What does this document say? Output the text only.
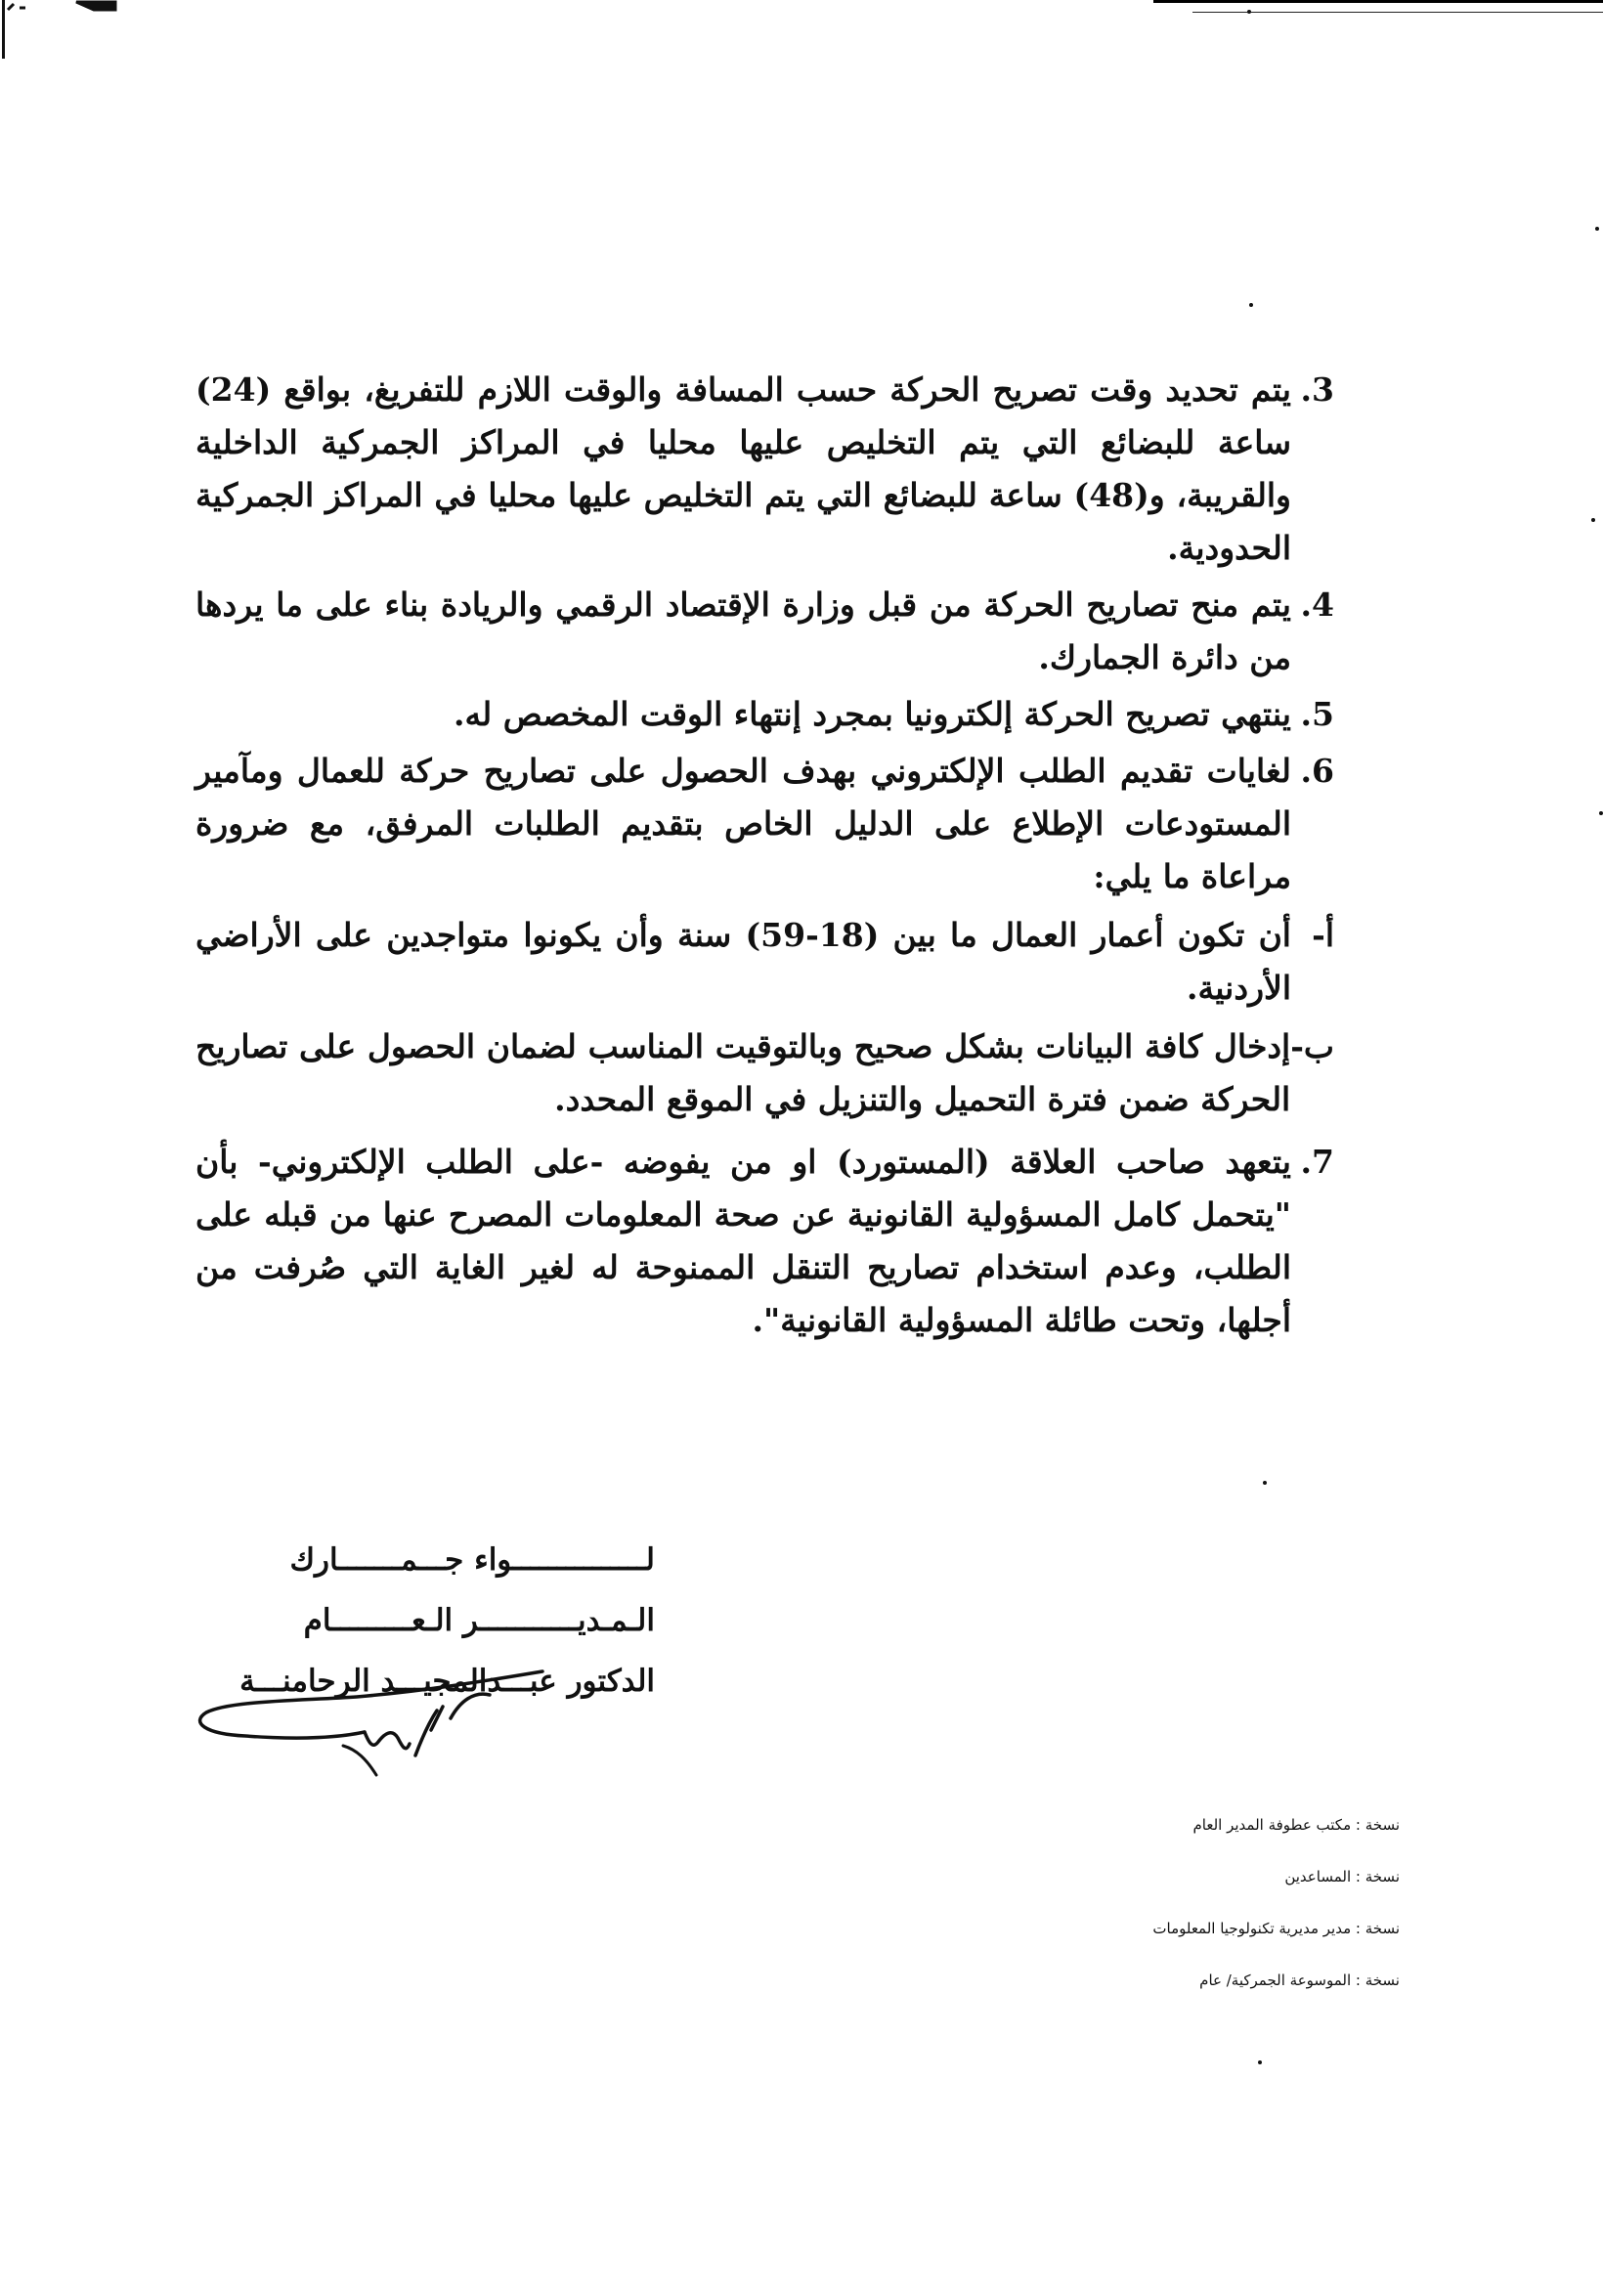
3.
يتم تحديد وقت تصريح الحركة حسب المسافة والوقت اللازم للتفريغ، بواقع (24) ساعة للبضائع التي يتم التخليص عليها محليا في المراكز الجمركية الداخلية والقريبة، و(48) ساعة للبضائع التي يتم التخليص عليها محليا في المراكز الجمركية الحدودية.
4.
يتم منح تصاريح الحركة من قبل وزارة الإقتصاد الرقمي والريادة بناء على ما يردها من دائرة الجمارك.
5.
ينتهي تصريح الحركة إلكترونيا بمجرد إنتهاء الوقت المخصص له.
6.
لغايات تقديم الطلب الإلكتروني بهدف الحصول على تصاريح حركة للعمال ومآمير المستودعات الإطلاع على الدليل الخاص بتقديم الطلبات المرفق، مع ضرورة مراعاة ما يلي:
أ-
أن تكون أعمار العمال ما بين (18-59) سنة وأن يكونوا متواجدين على الأراضي الأردنية.
ب-
إدخال كافة البيانات بشكل صحيح وبالتوقيت المناسب لضمان الحصول على تصاريح الحركة ضمن فترة التحميل والتنزيل في الموقع المحدد.
7.
يتعهد صاحب العلاقة (المستورد) او من يفوضه -على الطلب الإلكتروني- بأن "يتحمل كامل المسؤولية القانونية عن صحة المعلومات المصرح عنها من قبله على الطلب، وعدم استخدام تصاريح التنقل الممنوحة له لغير الغاية التي صُرفت من أجلها، وتحت طائلة المسؤولية القانونية".
لـــــــــــــــواء جـــمـــــــارك
الـمـديـــــــــــر الـعـــــــــام
الدكتور عبـــدالمجيـــد الرحامنـــة
نسخة : مكتب عطوفة المدير العام
نسخة : المساعدين
نسخة : مدير مديرية تكنولوجيا المعلومات
نسخة : الموسوعة الجمركية/ عام
